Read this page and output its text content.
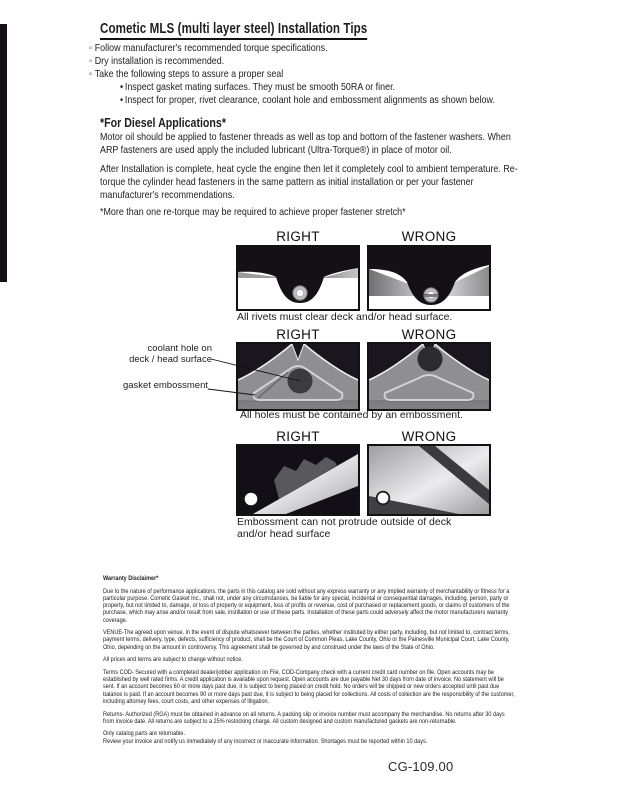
Cometic MLS (multi layer steel) Installation Tips
◦ Follow manufacturer's recommended torque specifications.
◦ Dry installation is recommended.
◦ Take the following steps to assure a proper seal
• Inspect gasket mating surfaces. They must be smooth 50RA or finer.
• Inspect for proper, rivet clearance, coolant hole and embossment alignments as shown below.
*For Diesel Applications*
Motor oil should be applied to fastener threads as well as top and bottom of the fastener washers. When ARP fasteners are used apply the included lubricant (Ultra-Torque®) in place of motor oil.
After Installation is complete, heat cycle the engine then let it completely cool to ambient temperature. Re-torque the cylinder head fasteners in the same pattern as initial installation or per your fastener manufacturer's recommendations.
*More than one re-torque may be required to achieve proper fastener stretch*
RIGHT	WRONG
All rivets must clear deck and/or head surface.
RIGHT	WRONG
coolant hole on
deck / head surface
gasket embossment
All holes must be contained by an embossment.
RIGHT	WRONG
Embossment can not protrude outside of deck
and/or head surface
Warranty Disclaimer*

Due to the nature of performance applications, the parts in this catalog are sold without any express warranty or any implied warranty of merchantability or fitness for a particular purpose. Cometic Gasket Inc., shall not, under any circumstances, be liable for any special, incidental or consequential damages, including, person, party or property, but not limited to, damage, or loss of property or equipment, loss of profits or revenue, cost of purchased or replacement goods, or claims of customers of the purchase, which may arise and/or result from sale, instillation or use of these parts. Installation of these parts could adversely affect the motor manufacturers warranty coverage.

VENUE-The agreed upon venue, in the event of dispute whatsoever between the parties, whether instituted by either party, including, but not limited to, contract terms, payment terms, delivery, type, defects, sufficiency of product, shall be the Court of Common Pleas, Lake County, Ohio or the Painesville Municipal Court, Lake County, Ohio, depending on the amount in controversy. This agreement shall be governed by and construed under the laws of the State of Ohio.

All prices and terms are subject to change without notice.

Terms COD- Secured with a completed dealer/jobber application on File, COD-Company check with a current credit card number on file. Open accounts may be established by well rated firms. A credit application is available upon request. Open accounts are due payable Net 30 days from date of invoice. No statement will be sent. If an account becomes 60 or more days past due, it is subject to being placed on credit hold. No orders will be shipped or new orders accepted until past due balance is paid. If an account becomes 90 or more days past due, it is subject to being placed for collections. All costs of collection are the responsibility of the customer, including attorney fees, court costs, and other expenses of litigation.

Returns- Authorized (RGA) must be obtained in advance on all returns. A packing slip or invoice number must accompany the merchandise. No returns after 30 days from invoice date. All returns are subject to a 25% restocking charge. All custom designed and custom manufactured gaskets are non-returnable.

Only catalog parts are returnable.

Review your invoice and notify us immediately of any incorrect or inaccurate information. Shortages must be reported within 10 days.

CG-109.00
